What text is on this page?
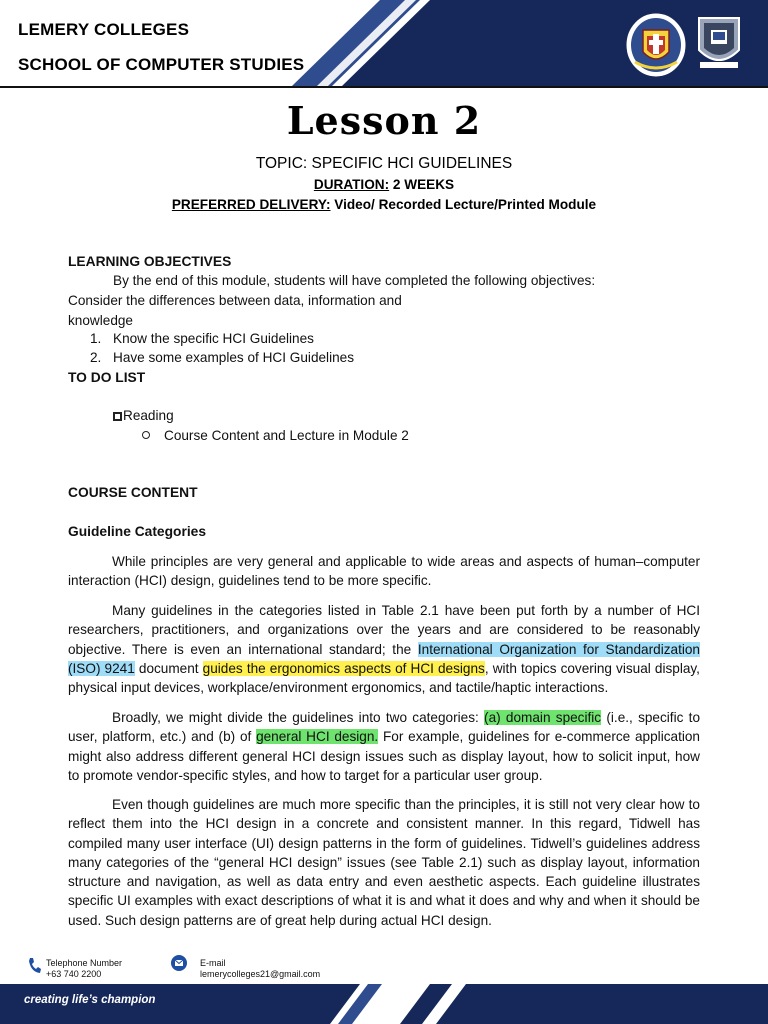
LEMERY COLLEGES
SCHOOL OF COMPUTER STUDIES
Lesson 2
TOPIC: SPECIFIC HCI GUIDELINES
DURATION: 2 WEEKS
PREFERRED DELIVERY: Video/ Recorded Lecture/Printed Module
LEARNING OBJECTIVES
By the end of this module, students will have completed the following objectives:
Consider the differences between data, information and
knowledge
1. Know the specific HCI Guidelines
2. Have some examples of HCI Guidelines
TO DO LIST
Reading
Course Content and Lecture in Module 2
COURSE CONTENT
Guideline Categories

While principles are very general and applicable to wide areas and aspects of human–computer interaction (HCI) design, guidelines tend to be more specific.

Many guidelines in the categories listed in Table 2.1 have been put forth by a number of HCI researchers, practitioners, and organizations over the years and are considered to be reasonably objective. There is even an international standard; the International Organization for Standardization (ISO) 9241 document guides the ergonomics aspects of HCI designs, with topics covering visual display, physical input devices, workplace/environment ergonomics, and tactile/haptic interactions.

Broadly, we might divide the guidelines into two categories: (a) domain specific (i.e., specific to user, platform, etc.) and (b) of general HCI design. For example, guidelines for e-commerce application might also address different general HCI design issues such as display layout, how to solicit input, how to promote vendor-specific styles, and how to target for a particular user group.

Even though guidelines are much more specific than the principles, it is still not very clear how to reflect them into the HCI design in a concrete and consistent manner. In this regard, Tidwell has compiled many user interface (UI) design patterns in the form of guidelines. Tidwell’s guidelines address many categories of the “general HCI design” issues (see Table 2.1) such as display layout, information structure and navigation, as well as data entry and even aesthetic aspects. Each guideline illustrates specific UI examples with exact descriptions of what it is and what it does and why and when it should be used. Such design patterns are of great help during actual HCI design.

Telephone Number
+63 740 2200
E-mail
lemerycolleges21@gmail.com
creating life’s champion
